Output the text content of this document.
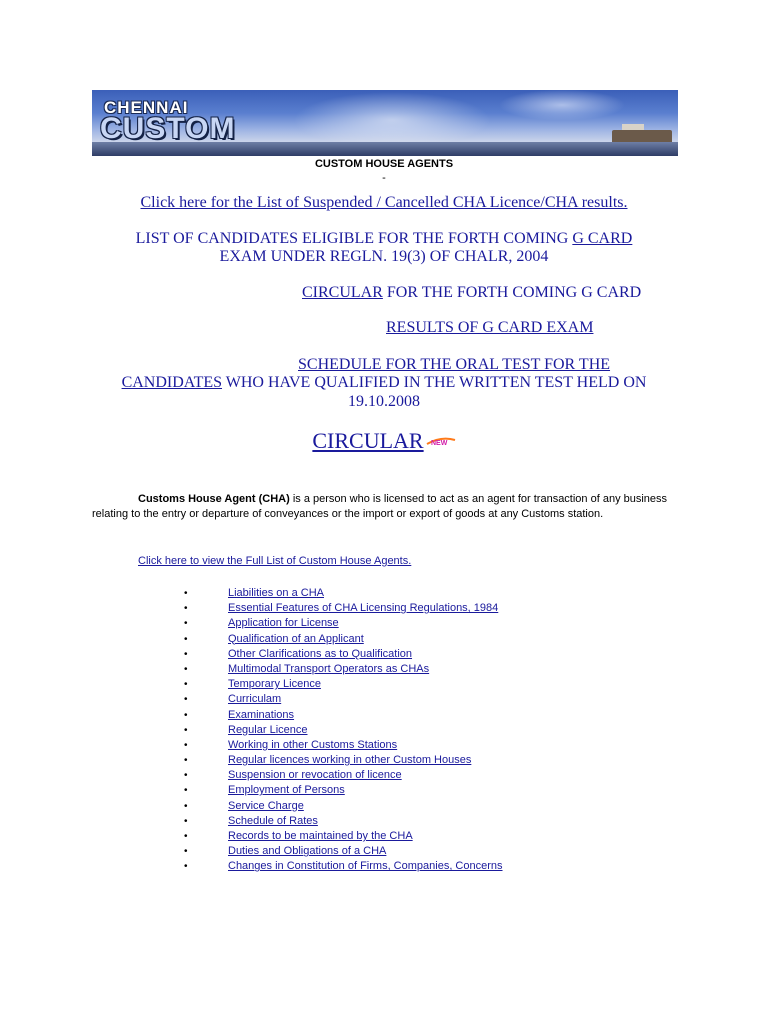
CHENNAI
CUSTOM
CUSTOM HOUSE AGENTS
-
Click here for the List of Suspended / Cancelled CHA Licence/CHA results.
LIST OF CANDIDATES ELIGIBLE FOR THE FORTH COMING G CARD
EXAM UNDER REGLN. 19(3) OF CHALR, 2004
CIRCULAR FOR THE FORTH COMING G CARD
RESULTS OF G CARD EXAM
SCHEDULE FOR THE ORAL TEST FOR THE
CANDIDATES WHO HAVE QUALIFIED IN THE WRITTEN TEST HELD ON
19.10.2008
CIRCULAR NEW
Customs House Agent (CHA) is a person who is licensed to act as an agent for transaction of any business relating to the entry or departure of conveyances or the import or export of goods at any Customs station.
Click here to view the Full List of Custom House Agents.
•	Liabilities on a CHA
•	Essential Features of CHA Licensing Regulations, 1984
•	Application for License
•	Qualification of an Applicant
•	Other Clarifications as to Qualification
•	Multimodal Transport Operators as CHAs
•	Temporary Licence
•	Curriculam
•	Examinations
•	Regular Licence
•	Working in other Customs Stations
•	Regular licences working in other Custom Houses
•	Suspension or revocation of licence
•	Employment of Persons
•	Service Charge
•	Schedule of Rates
•	Records to be maintained by the CHA
•	Duties and Obligations of a CHA
•	Changes in Constitution of Firms, Companies, Concerns
